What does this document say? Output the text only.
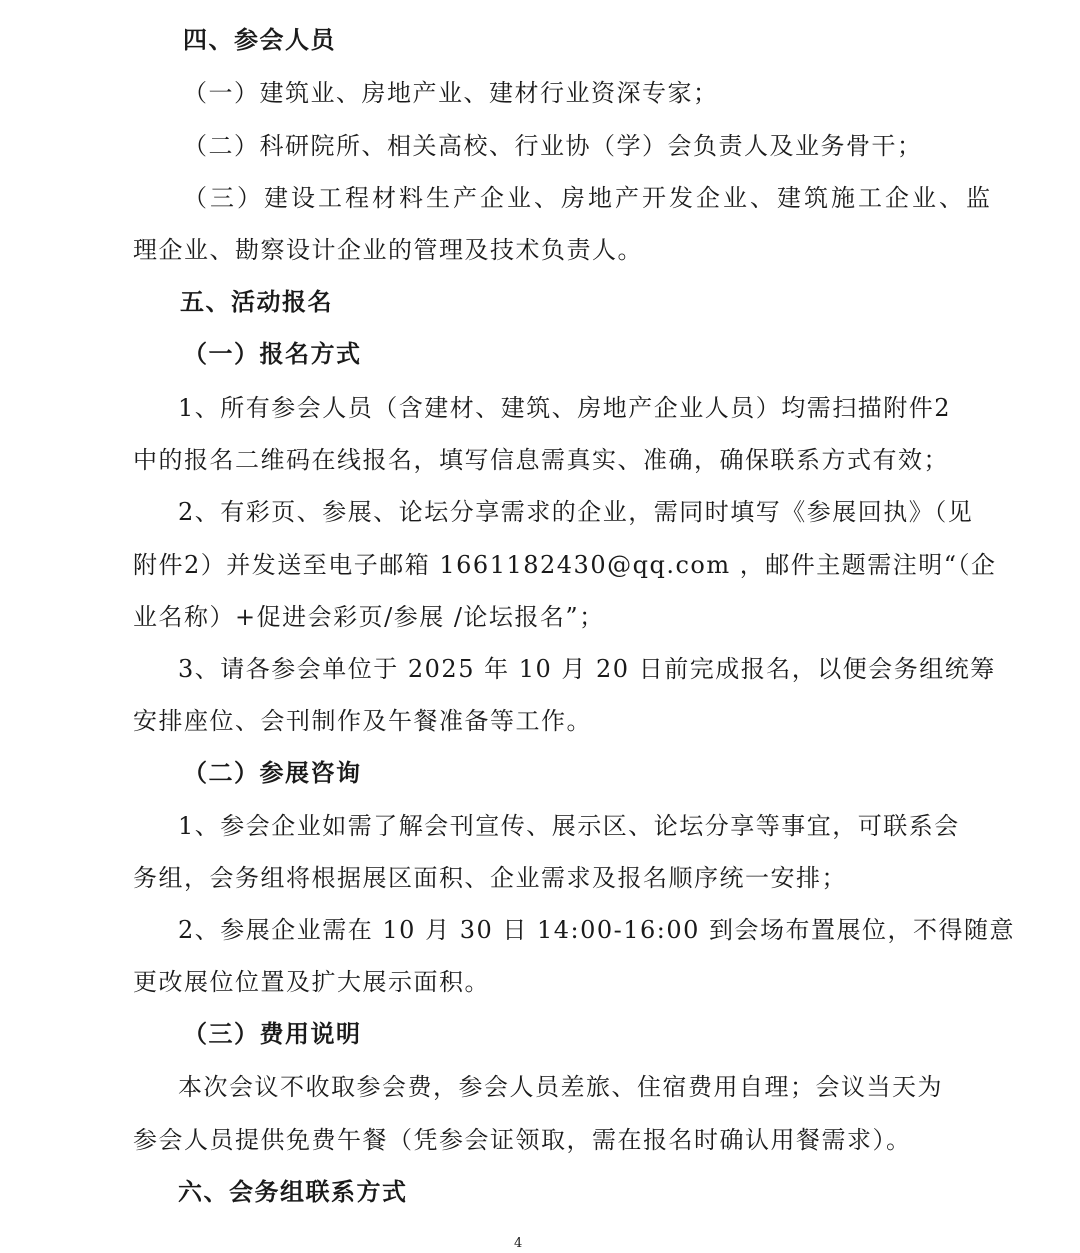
四、参会人员
（一）建筑业、房地产业、建材行业资深专家；
（二）科研院所、相关高校、行业协（学）会负责人及业务骨干；
（三）建设工程材料生产企业、房地产开发企业、建筑施工企业、监
理企业、勘察设计企业的管理及技术负责人。
五、活动报名
（一）报名方式
1、所有参会人员（含建材、建筑、房地产企业人员）均需扫描附件2
中的报名二维码在线报名，填写信息需真实、准确，确保联系方式有效；
2、有彩页、参展、论坛分享需求的企业，需同时填写《参展回执》（见
附件2）并发送至电子邮箱 1661182430@qq.com ，邮件主题需注明“（企
业名称）+促进会彩页/参展 /论坛报名”；
3、请各参会单位于 2025 年 10 月 20 日前完成报名，以便会务组统筹
安排座位、会刊制作及午餐准备等工作。
（二）参展咨询
1、参会企业如需了解会刊宣传、展示区、论坛分享等事宜，可联系会
务组，会务组将根据展区面积、企业需求及报名顺序统一安排；
2、参展企业需在 10 月 30 日 14:00-16:00 到会场布置展位，不得随意
更改展位位置及扩大展示面积。
（三）费用说明
本次会议不收取参会费，参会人员差旅、住宿费用自理；会议当天为
参会人员提供免费午餐（凭参会证领取，需在报名时确认用餐需求）。
六、会务组联系方式
4
